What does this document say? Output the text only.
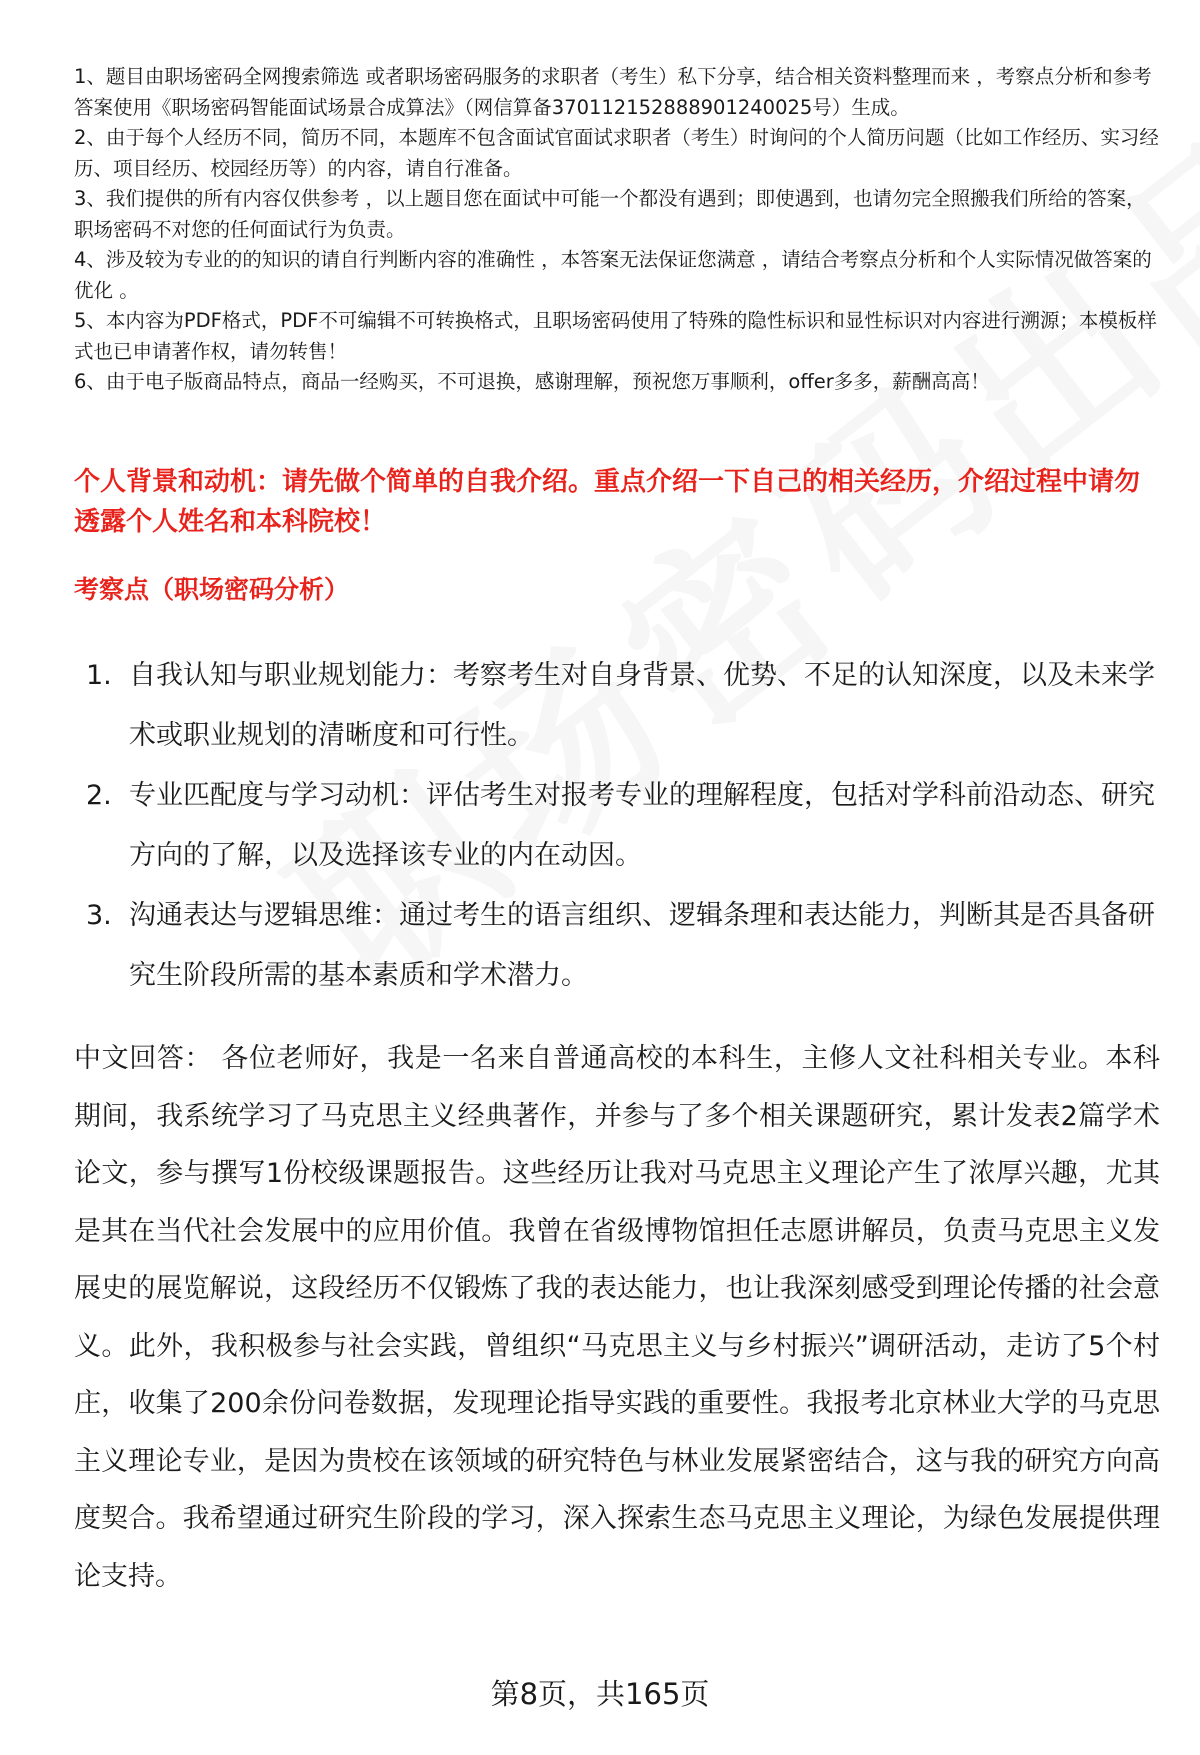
1、题目由职场密码全网搜索筛选 或者职场密码服务的求职者（考生）私下分享，结合相关资料整理而来 ，考察点分析和参考答案使用《职场密码智能面试场景合成算法》（网信算备370112152888901240025号）生成。

2、由于每个人经历不同，简历不同，本题库不包含面试官面试求职者（考生）时询问的个人简历问题（比如工作经历、实习经历、项目经历、校园经历等）的内容，请自行准备。

3、我们提供的所有内容仅供参考 ，以上题目您在面试中可能一个都没有遇到；即使遇到，也请勿完全照搬我们所给的答案，职场密码不对您的任何面试行为负责。

4、涉及较为专业的的知识的请自行判断内容的准确性 ，本答案无法保证您满意 ，请结合考察点分析和个人实际情况做答案的优化 。

5、本内容为PDF格式，PDF不可编辑不可转换格式，且职场密码使用了特殊的隐性标识和显性标识对内容进行溯源；本模板样式也已申请著作权，请勿转售！

6、由于电子版商品特点，商品一经购买，不可退换，感谢理解，预祝您万事顺利，offer多多，薪酬高高！

个人背景和动机：请先做个简单的自我介绍。重点介绍一下自己的相关经历，介绍过程中请勿透露个人姓名和本科院校！

考察点（职场密码分析）

1. 自我认知与职业规划能力：考察考生对自身背景、优势、不足的认知深度，以及未来学术或职业规划的清晰度和可行性。
2. 专业匹配度与学习动机：评估考生对报考专业的理解程度，包括对学科前沿动态、研究方向的了解，以及选择该专业的内在动因。
3. 沟通表达与逻辑思维：通过考生的语言组织、逻辑条理和表达能力，判断其是否具备研究生阶段所需的基本素质和学术潜力。

中文回答： 各位老师好，我是一名来自普通高校的本科生，主修人文社科相关专业。本科期间，我系统学习了马克思主义经典著作，并参与了多个相关课题研究，累计发表2篇学术论文，参与撰写1份校级课题报告。这些经历让我对马克思主义理论产生了浓厚兴趣，尤其是其在当代社会发展中的应用价值。我曾在省级博物馆担任志愿讲解员，负责马克思主义发展史的展览解说，这段经历不仅锻炼了我的表达能力，也让我深刻感受到理论传播的社会意义。此外，我积极参与社会实践，曾组织“马克思主义与乡村振兴”调研活动，走访了5个村庄，收集了200余份问卷数据，发现理论指导实践的重要性。我报考北京林业大学的马克思主义理论专业，是因为贵校在该领域的研究特色与林业发展紧密结合，这与我的研究方向高度契合。我希望通过研究生阶段的学习，深入探索生态马克思主义理论，为绿色发展提供理论支持。

第8页，共165页
